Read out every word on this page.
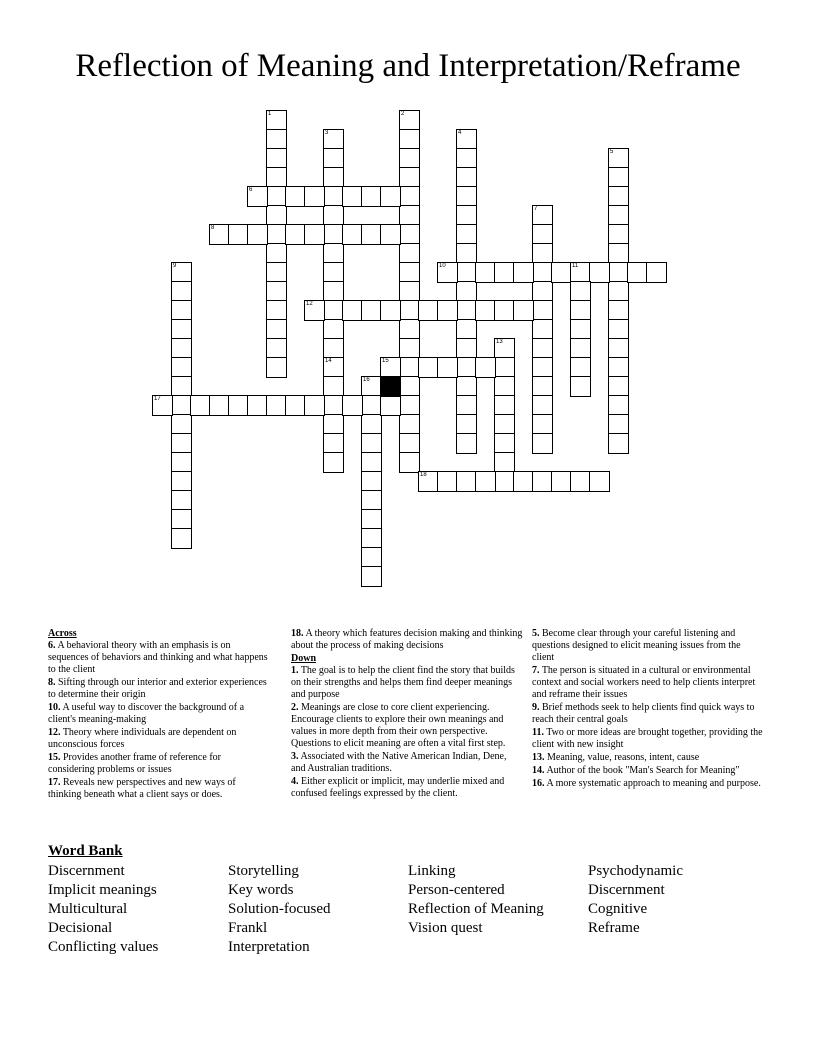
Reflection of Meaning and Interpretation/Reframe
1	2
3	4
5
6
7
8
9	10	11
12
13
14	15
16
17
18
Across
6. A behavioral theory with an emphasis is on sequences of behaviors and thinking and what happens to the client
8. Sifting through our interior and exterior experiences to determine their origin
10. A useful way to discover the background of a client's meaning-making
12. Theory where individuals are dependent on unconscious forces
15. Provides another frame of reference for considering problems or issues
17. Reveals new perspectives and new ways of thinking beneath what a client says or does.
18. A theory which features decision making and thinking about the process of making decisions
Down
1. The goal is to help the client find the story that builds on their strengths and helps them find deeper meanings and purpose
2. Meanings are close to core client experiencing. Encourage clients to explore their own meanings and values in more depth from their own perspective. Questions to elicit meaning are often a vital first step.
3. Associated with the Native American Indian, Dene, and Australian traditions.
4. Either explicit or implicit, may underlie mixed and confused feelings expressed by the client.
5. Become clear through your careful listening and questions designed to elicit meaning issues from the client
7. The person is situated in a cultural or environmental context and social workers need to help clients interpret and reframe their issues
9. Brief methods seek to help clients find quick ways to reach their central goals
11. Two or more ideas are brought together, providing the client with new insight
13. Meaning, value, reasons, intent, cause
14. Author of the book "Man's Search for Meaning"
16. A more systematic approach to meaning and purpose.
Word Bank
Discernment
Implicit meanings
Multicultural
Decisional
Conflicting values
Storytelling
Key words
Solution-focused
Frankl
Interpretation
Linking
Person-centered
Reflection of Meaning
Vision quest
Psychodynamic
Discernment
Cognitive
Reframe
